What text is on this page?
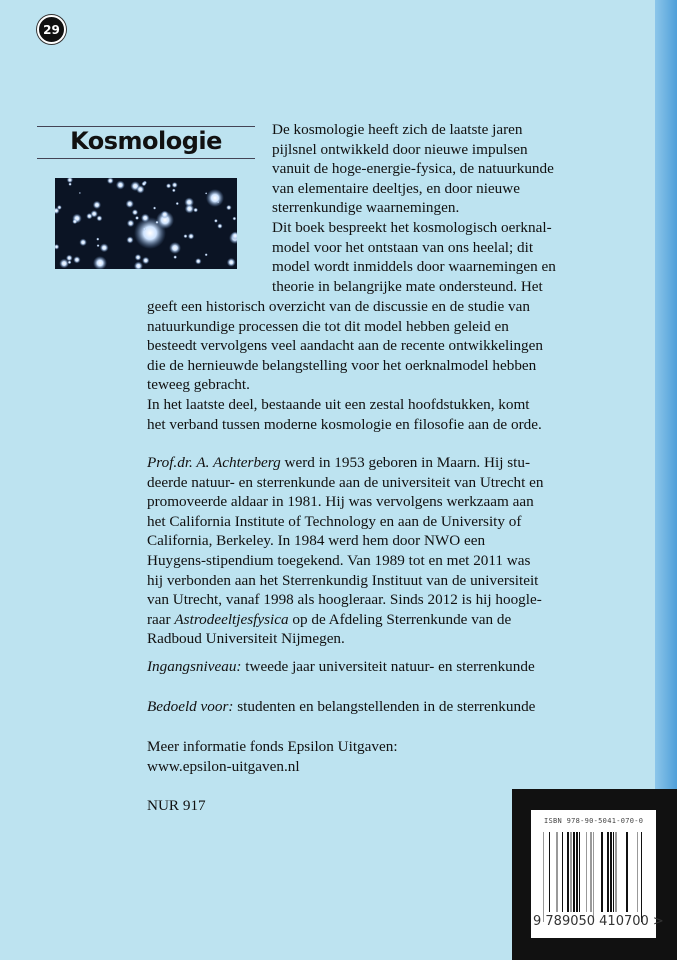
29
Kosmologie	De kosmologie heeft zich de laatste jaren
pijlsnel ontwikkeld door nieuwe impulsen
vanuit de hoge-energie-fysica, de natuurkunde
van elementaire deeltjes, en door nieuwe
sterrenkundige waarnemingen.
Dit boek bespreekt het kosmologisch oerknal-
model voor het ontstaan van ons heelal; dit
model wordt inmiddels door waarnemingen en
theorie in belangrijke mate ondersteund. Het
geeft een historisch overzicht van de discussie en de studie van
natuurkundige processen die tot dit model hebben geleid en
besteedt vervolgens veel aandacht aan de recente ontwikkelingen
die de hernieuwde belangstelling voor het oerknalmodel hebben
teweeg gebracht.
In het laatste deel, bestaande uit een zestal hoofdstukken, komt
het verband tussen moderne kosmologie en filosofie aan de orde.
Prof.dr. A. Achterberg werd in 1953 geboren in Maarn. Hij stu-
deerde natuur- en sterrenkunde aan de universiteit van Utrecht en
promoveerde aldaar in 1981. Hij was vervolgens werkzaam aan
het California Institute of Technology en aan de University of
California, Berkeley. In 1984 werd hem door NWO een
Huygens-stipendium toegekend. Van 1989 tot en met 2011 was
hij verbonden aan het Sterrenkundig Instituut van de universiteit
van Utrecht, vanaf 1998 als hoogleraar. Sinds 2012 is hij hoogle-
raar Astrodeeltjesfysica op de Afdeling Sterrenkunde van de
Radboud Universiteit Nijmegen.
Ingangsniveau: tweede jaar universiteit natuur- en sterrenkunde
Bedoeld voor: studenten en belangstellenden in de sterrenkunde
Meer informatie fonds Epsilon Uitgaven:
www.epsilon-uitgaven.nl
NUR 917
ISBN 978-90-5041-070-0
9 789050 410700 >
